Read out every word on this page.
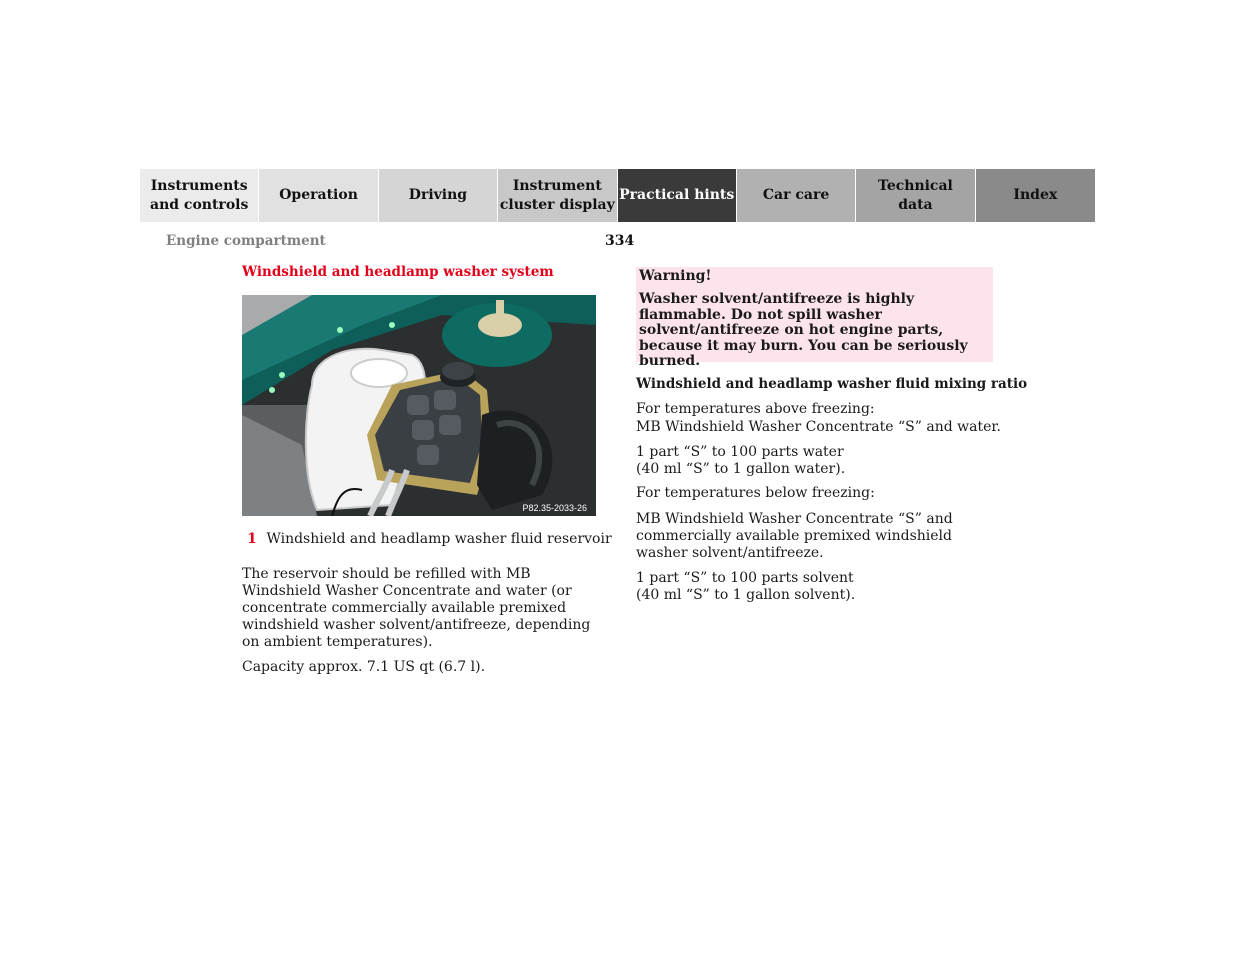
Instruments
and controls
Operation	Driving
Instrument
cluster display
Practical hints Car care
Technical
data
Index
Engine compartment	334
Windshield and headlamp washer system
P82.35-2033-26
1 Windshield and headlamp washer fluid reservoir
The reservoir should be refilled with MB Windshield Washer Concentrate and water (or concentrate commercially available premixed windshield washer solvent/antifreeze, depending on ambient temperatures).
Capacity approx. 7.1 US qt (6.7 l).
Warning!
Washer solvent/antifreeze is highly flammable. Do not spill washer solvent/antifreeze on hot engine parts, because it may burn. You can be seriously burned.
Windshield and headlamp washer fluid mixing ratio
For temperatures above freezing:
MB Windshield Washer Concentrate “S” and water.
1 part “S” to 100 parts water
(40 ml “S” to 1 gallon water).
For temperatures below freezing:
MB Windshield Washer Concentrate “S” and commercially available premixed windshield washer solvent/antifreeze.
1 part “S” to 100 parts solvent
(40 ml “S” to 1 gallon solvent).
